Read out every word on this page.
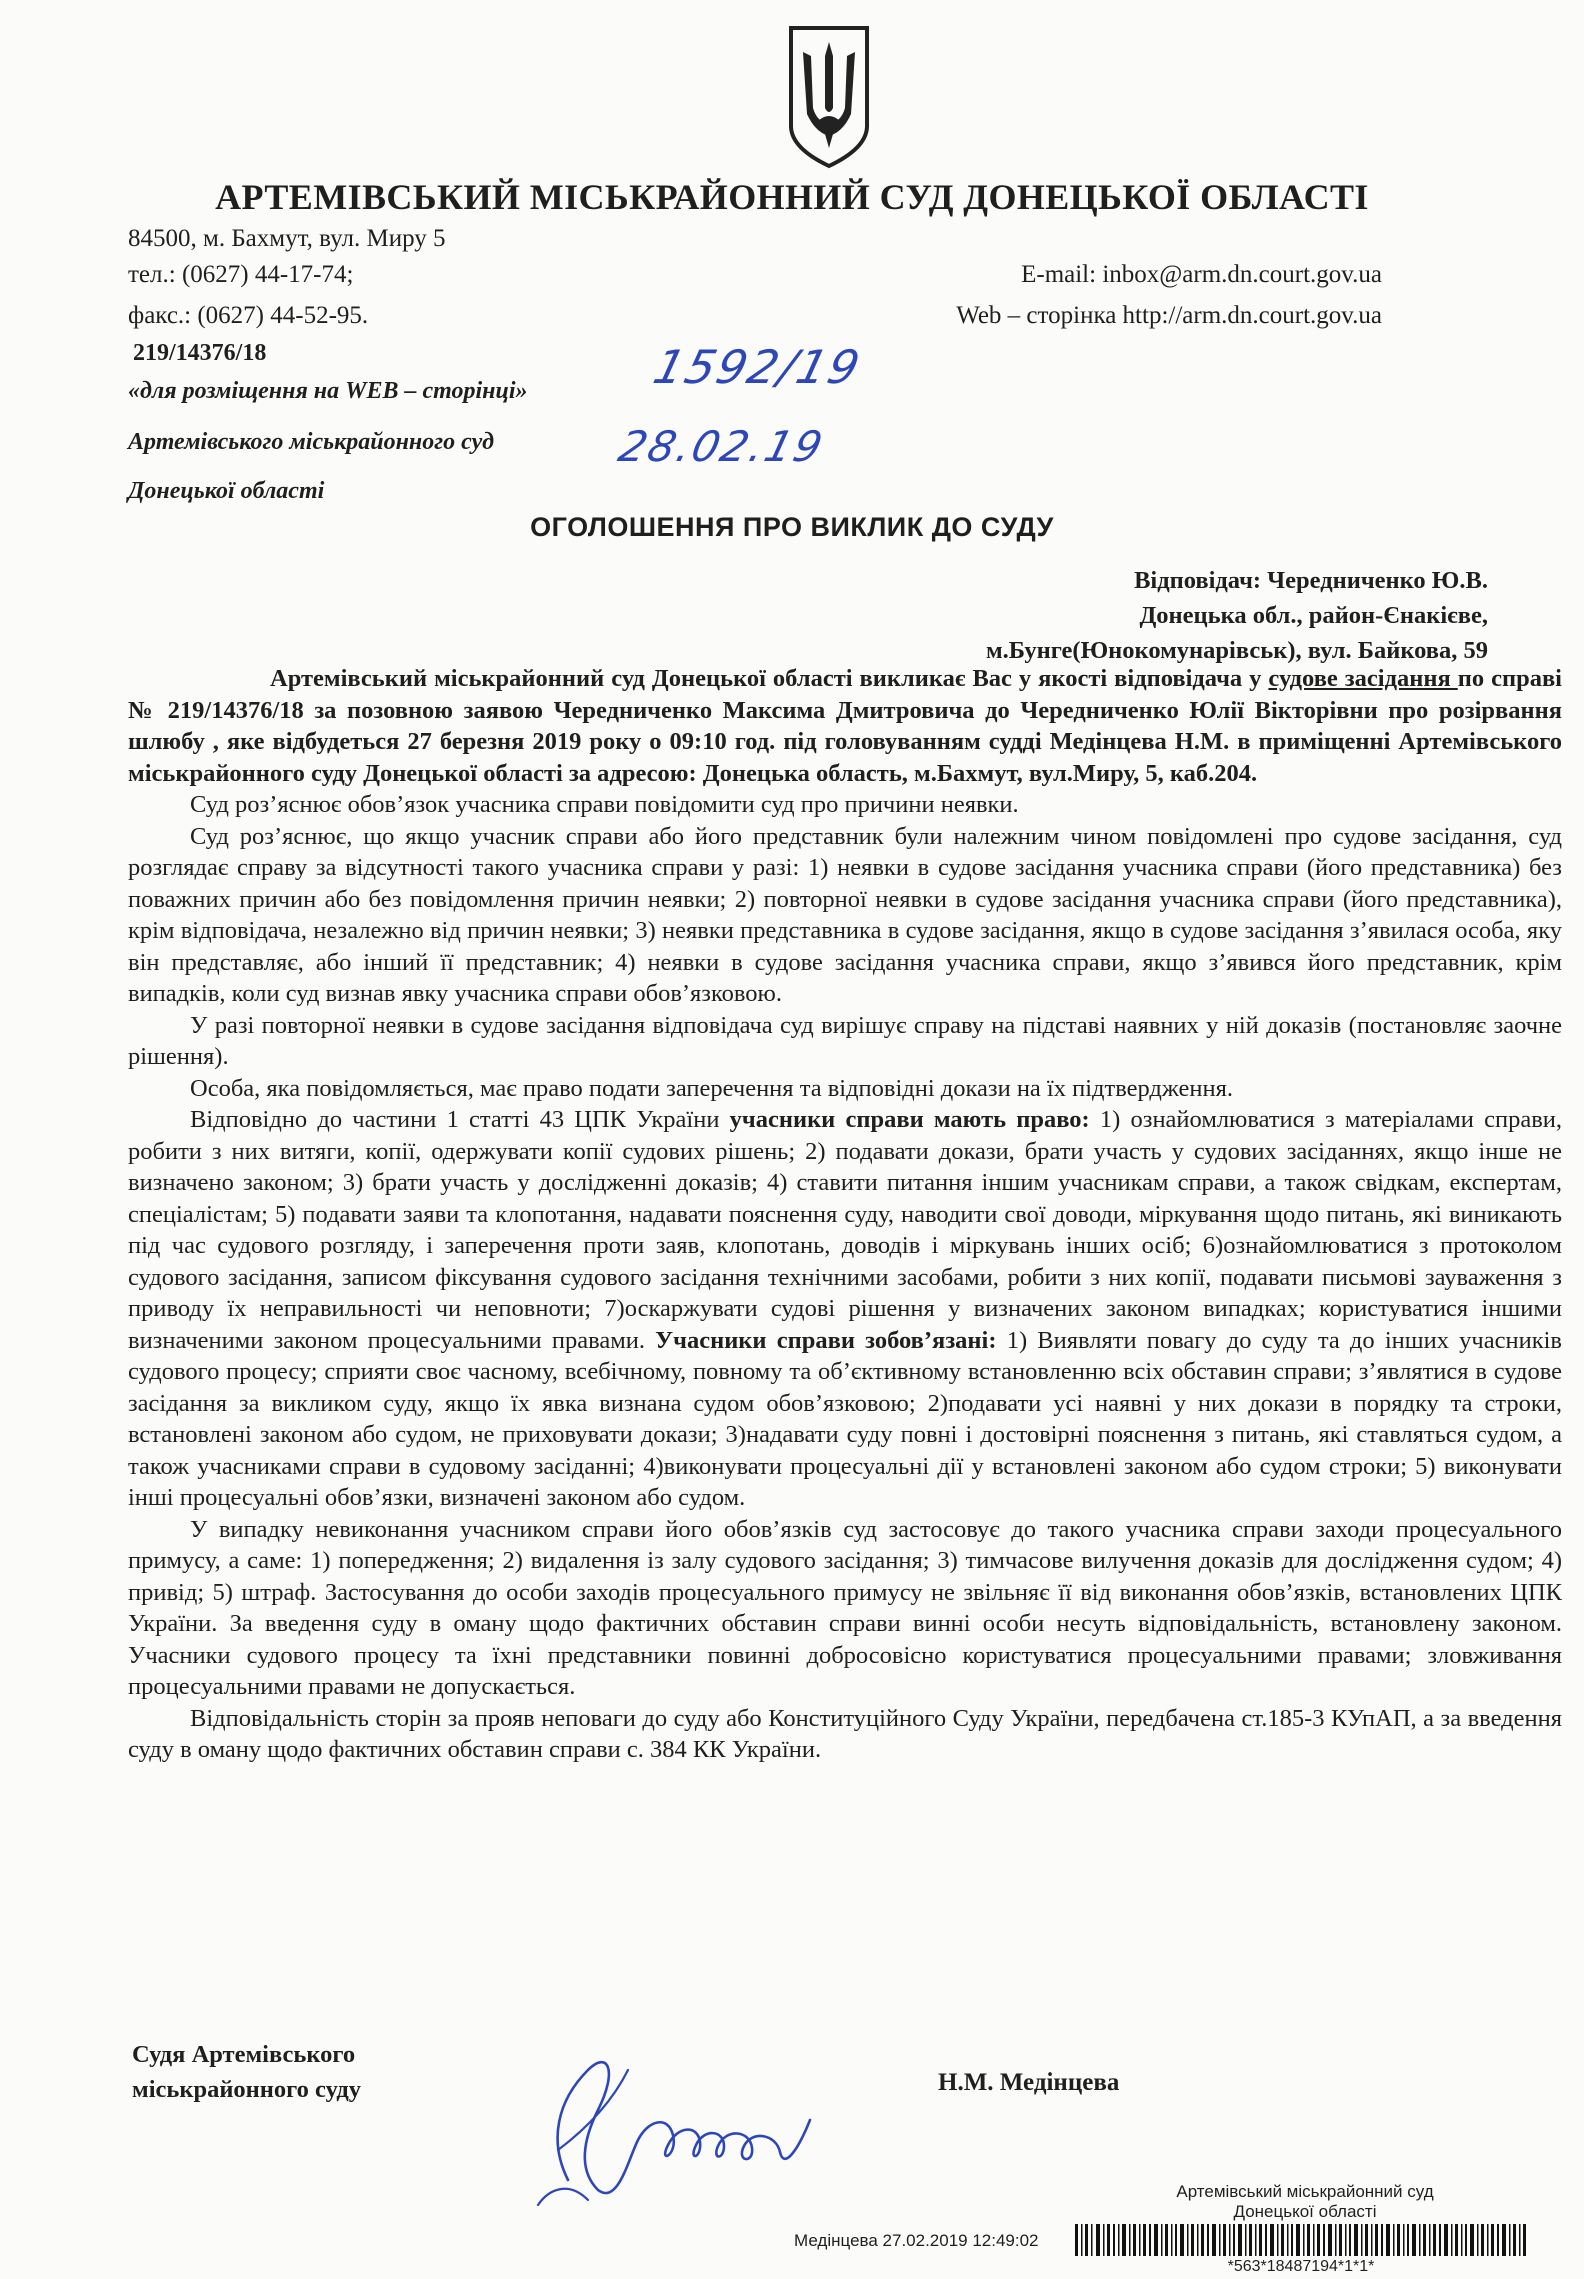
АРТЕМІВСЬКИЙ МІСЬКРАЙОННИЙ СУД ДОНЕЦЬКОЇ ОБЛАСТІ
84500, м. Бахмут, вул. Миру 5
тел.: (0627) 44-17-74;
факс.: (0627) 44-52-95.
E-mail: inbox@arm.dn.court.gov.ua
Web – сторінка http://arm.dn.court.gov.ua
219/14376/18
«для розміщення на WEB – сторінці»
Артемівського міськрайонного суд
Донецької області
1592/19
28.02.19
ОГОЛОШЕННЯ ПРО ВИКЛИК ДО СУДУ
Відповідач: Чередниченко Ю.В.
Донецька обл., район-Єнакієве,
м.Бунге(Юнокомунарівськ), вул. Байкова, 59

Артемівський міськрайонний суд Донецької області викликає Вас у якості відповідача у судове засідання по справі № 219/14376/18 за позовною заявою Чередниченко Максима Дмитровича до Чередниченко Юлії Вікторівни про розірвання шлюбу , яке відбудеться 27 березня 2019 року о 09:10 год. під головуванням судді Медінцева Н.М. в приміщенні Артемівського міськрайонного суду Донецької області за адресою: Донецька область, м.Бахмут, вул.Миру, 5, каб.204.

Суд роз’яснює обов’язок учасника справи повідомити суд про причини неявки.

Суд роз’яснює, що якщо учасник справи або його представник були належним чином повідомлені про судове засідання, суд розглядає справу за відсутності такого учасника справи у разі: 1) неявки в судове засідання учасника справи (його представника) без поважних причин або без повідомлення причин неявки; 2) повторної неявки в судове засідання учасника справи (його представника), крім відповідача, незалежно від причин неявки; 3) неявки представника в судове засідання, якщо в судове засідання з’явилася особа, яку він представляє, або інший її представник; 4) неявки в судове засідання учасника справи, якщо з’явився його представник, крім випадків, коли суд визнав явку учасника справи обов’язковою.

У разі повторної неявки в судове засідання відповідача суд вирішує справу на підставі наявних у ній доказів (постановляє заочне рішення).

Особа, яка повідомляється, має право подати заперечення та відповідні докази на їх підтвердження.

Відповідно до частини 1 статті 43 ЦПК України учасники справи мають право: 1) ознайомлюватися з матеріалами справи, робити з них витяги, копії, одержувати копії судових рішень; 2) подавати докази, брати участь у судових засіданнях, якщо інше не визначено законом; 3) брати участь у дослідженні доказів; 4) ставити питання іншим учасникам справи, а також свідкам, експертам, спеціалістам; 5) подавати заяви та клопотання, надавати пояснення суду, наводити свої доводи, міркування щодо питань, які виникають під час судового розгляду, і заперечення проти заяв, клопотань, доводів і міркувань інших осіб; 6)ознайомлюватися з протоколом судового засідання, записом фіксування судового засідання технічними засобами, робити з них копії, подавати письмові зауваження з приводу їх неправильності чи неповноти; 7)оскаржувати судові рішення у визначених законом випадках; користуватися іншими визначеними законом процесуальними правами. Учасники справи зобов’язані: 1) Виявляти повагу до суду та до інших учасників судового процесу; сприяти своє часному, всебічному, повному та об’єктивному встановленню всіх обставин справи; з’являтися в судове засідання за викликом суду, якщо їх явка визнана судом обов’язковою; 2)подавати усі наявні у них докази в порядку та строки, встановлені законом або судом, не приховувати докази; 3)надавати суду повні і достовірні пояснення з питань, які ставляться судом, а також учасниками справи в судовому засіданні; 4)виконувати процесуальні дії у встановлені законом або судом строки; 5) виконувати інші процесуальні обов’язки, визначені законом або судом.

У випадку невиконання учасником справи його обов’язків суд застосовує до такого учасника справи заходи процесуального примусу, а саме: 1) попередження; 2) видалення із залу судового засідання; 3) тимчасове вилучення доказів для дослідження судом; 4) привід; 5) штраф. Застосування до особи заходів процесуального примусу не звільняє її від виконання обов’язків, встановлених ЦПК України. За введення суду в оману щодо фактичних обставин справи винні особи несуть відповідальність, встановлену законом. Учасники судового процесу та їхні представники повинні добросовісно користуватися процесуальними правами; зловживання процесуальними правами не допускається.

Відповідальність сторін за прояв неповаги до суду або Конституційного Суду України, передбачена ст.185-3 КУпАП, а за введення суду в оману щодо фактичних обставин справи с. 384 КК України.

Судя Артемівського
міськрайонного суду	Н.М. Медінцева
Артемівський міськрайонний суд
Донецької області
Медінцева 27.02.2019 12:49:02
*563*18487194*1*1*
